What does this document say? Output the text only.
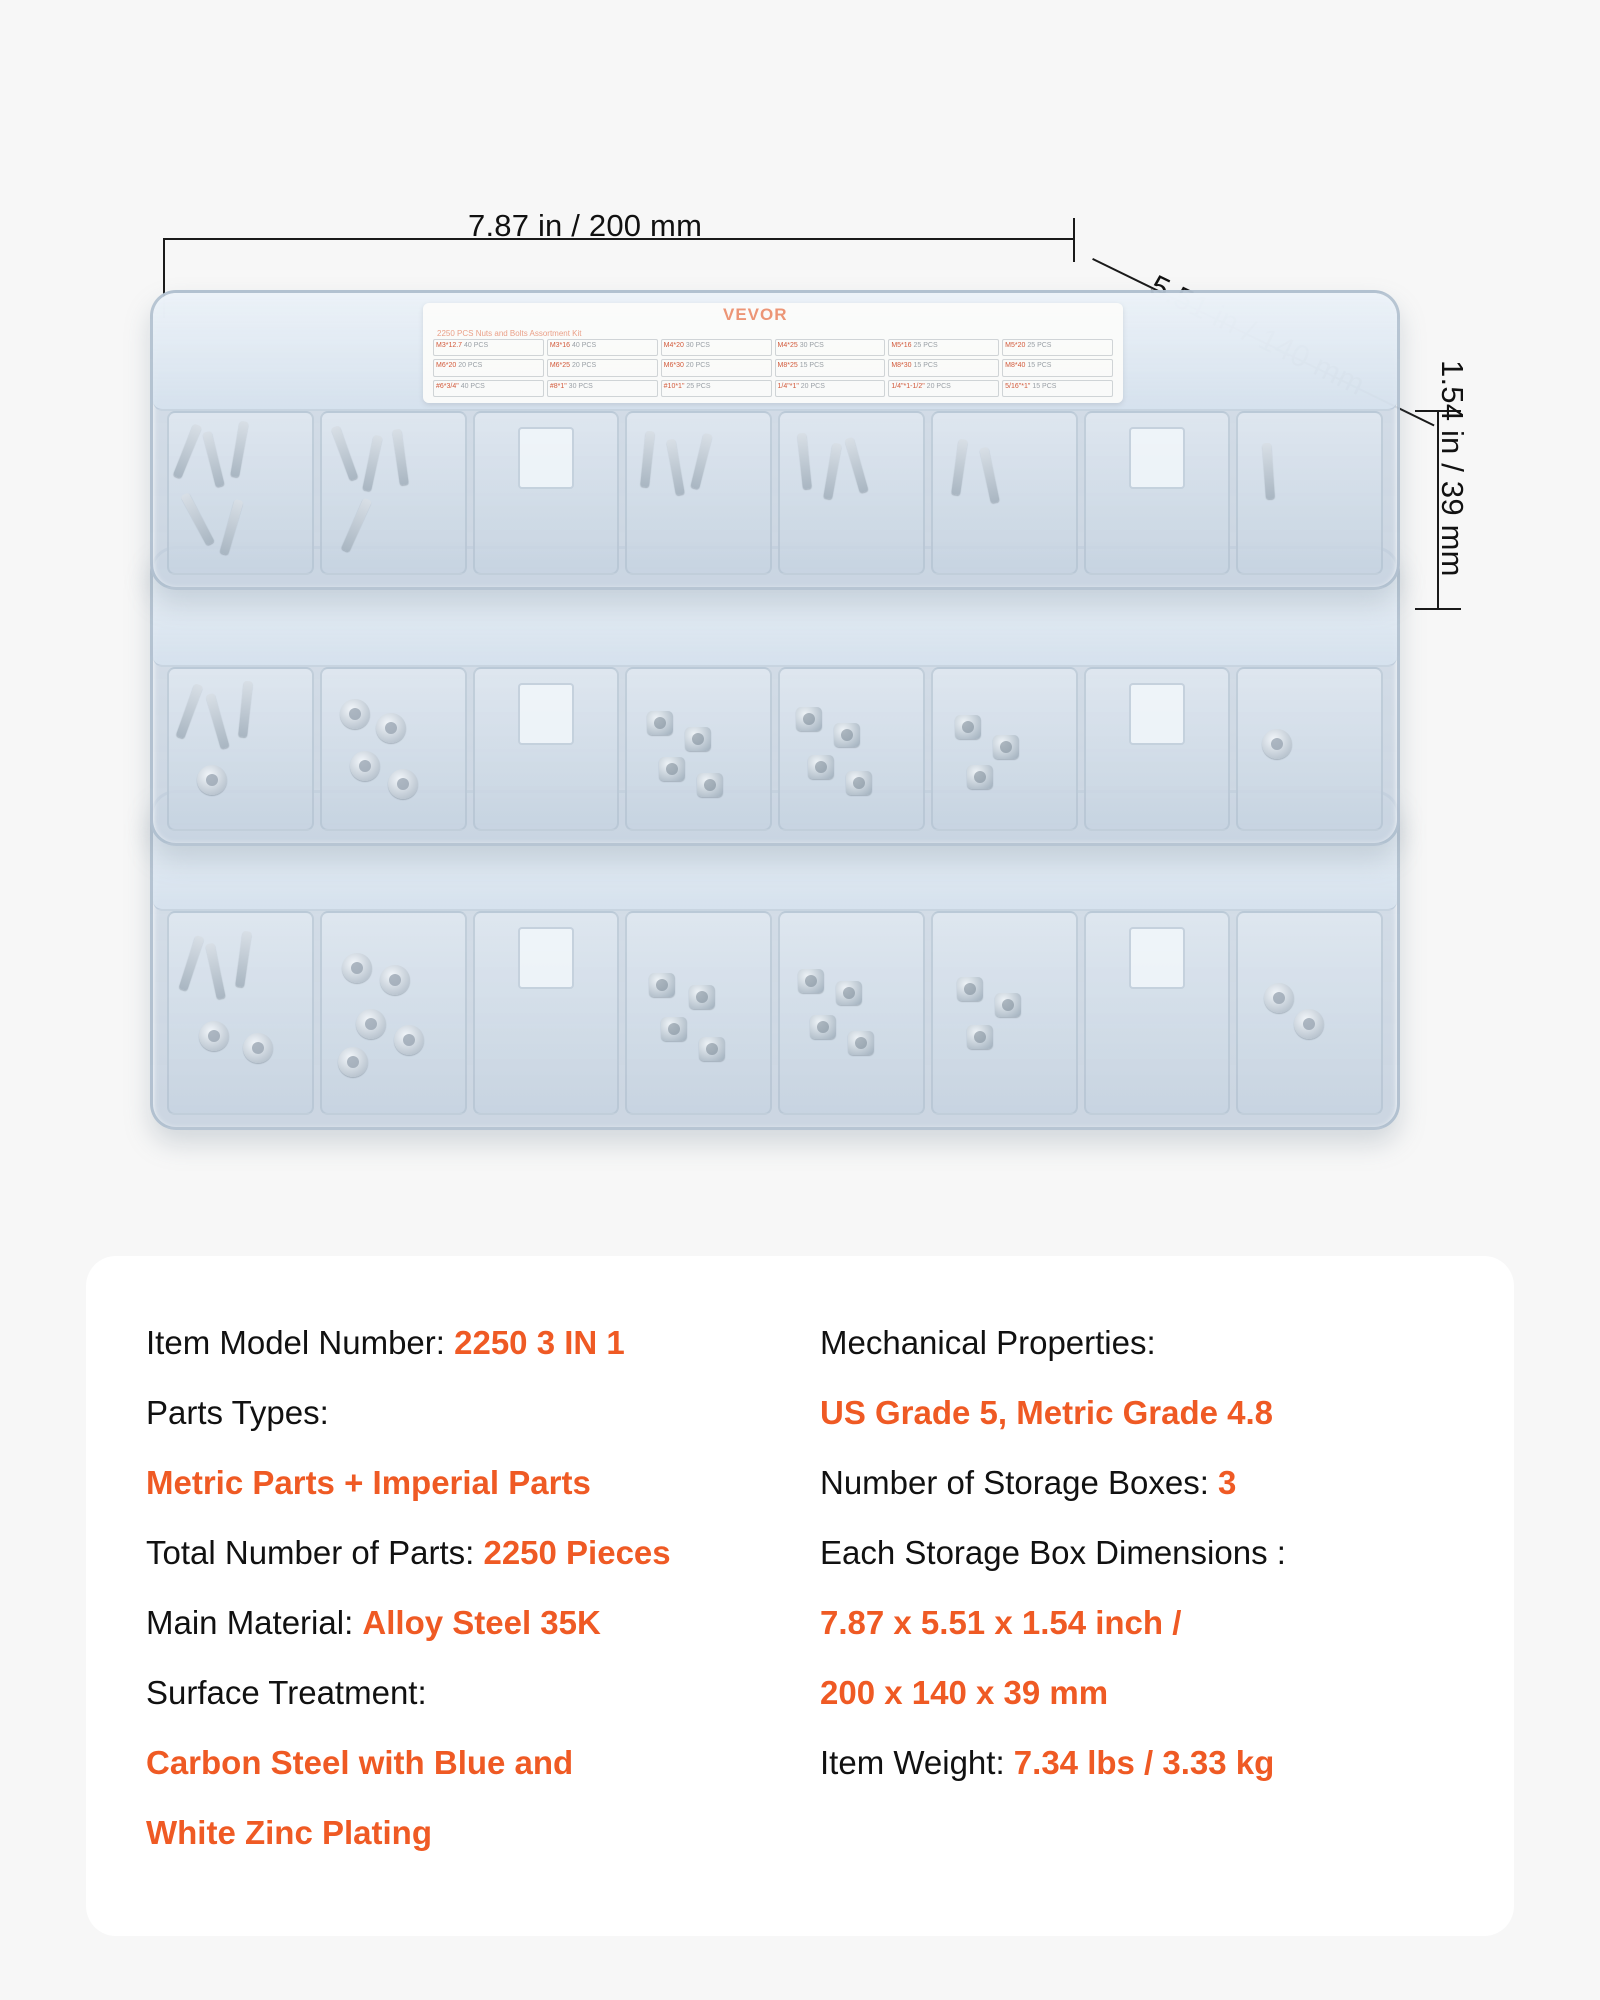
7.87 in / 200 mm
1.54 in / 39 mm
VEVOR
2250 PCS Nuts and Bolts Assortment Kit
M3*12.7 40 PCS	M3*16 40 PCS	M4*20 30 PCS	M4*25 30 PCS	M5*16 25 PCS	M5*20 25 PCS
M6*20 20 PCS	M6*25 20 PCS	M6*30 20 PCS	M8*25 15 PCS	M8*30 15 PCS	M8*40 15 PCS
#6*3/4" 40 PCS	#8*1" 30 PCS	#10*1" 25 PCS	1/4"*1" 20 PCS	1/4"*1-1/2" 20 PCS	5/16"*1" 15 PCS
Item Model Number: 2250 3 IN 1
Parts Types:
Metric Parts + Imperial Parts
Total Number of Parts: 2250 Pieces
Main Material: Alloy Steel 35K
Surface Treatment:
Carbon Steel with Blue and
White Zinc Plating
Mechanical Properties:
US Grade 5, Metric Grade 4.8
Number of Storage Boxes: 3
Each Storage Box Dimensions :
7.87 x 5.51 x 1.54 inch /
200 x 140 x 39 mm
Item Weight: 7.34 lbs / 3.33 kg
